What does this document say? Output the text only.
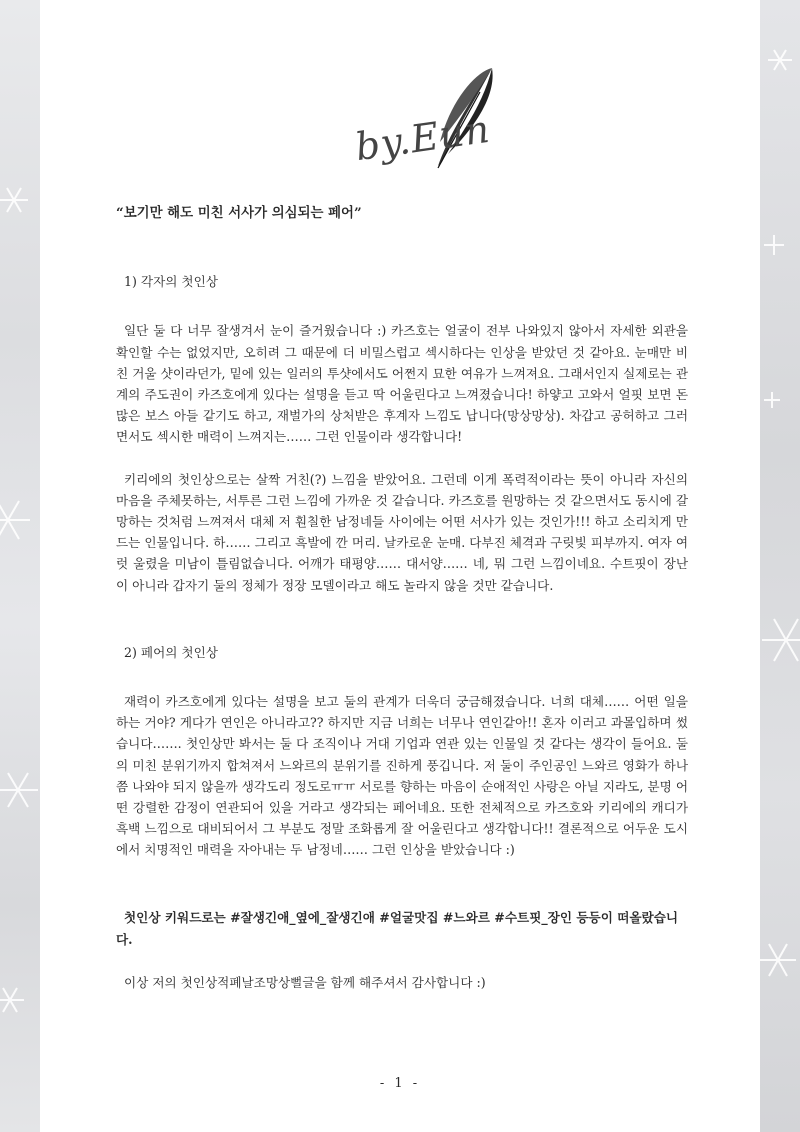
by.Eun
“보기만 해도 미친 서사가 의심되는 페어”
1) 각자의 첫인상

일단 둘 다 너무 잘생겨서 눈이 즐거웠습니다 :) 카즈호는 얼굴이 전부 나와있지 않아서 자세한 외관을 확인할 수는 없었지만, 오히려 그 때문에 더 비밀스럽고 섹시하다는 인상을 받았던 것 같아요. 눈매만 비친 거울 샷이라던가, 밑에 있는 일러의 투샷에서도 어쩐지 묘한 여유가 느껴져요. 그래서인지 실제로는 관계의 주도권이 카즈호에게 있다는 설명을 듣고 딱 어울린다고 느껴졌습니다! 하얗고 고와서 얼핏 보면 돈 많은 보스 아들 같기도 하고, 재벌가의 상처받은 후계자 느낌도 납니다(망상망상). 차갑고 공허하고 그러면서도 섹시한 매력이 느껴지는…… 그런 인물이라 생각합니다!

키리에의 첫인상으로는 살짝 거친(?) 느낌을 받았어요. 그런데 이게 폭력적이라는 뜻이 아니라 자신의 마음을 주체못하는, 서투른 그런 느낌에 가까운 것 같습니다. 카즈호를 원망하는 것 같으면서도 동시에 갈망하는 것처럼 느껴져서 대체 저 훤칠한 남정네들 사이에는 어떤 서사가 있는 것인가!!! 하고 소리치게 만드는 인물입니다. 하…… 그리고 흑발에 깐 머리. 날카로운 눈매. 다부진 체격과 구릿빛 피부까지. 여자 여럿 울렸을 미남이 틀림없습니다. 어깨가 태평양…… 대서양…… 네, 뭐 그런 느낌이네요. 수트핏이 장난이 아니라 갑자기 둘의 정체가 정장 모델이라고 해도 놀라지 않을 것만 같습니다.

2) 페어의 첫인상

재력이 카즈호에게 있다는 설명을 보고 둘의 관계가 더욱더 궁금해졌습니다. 너희 대체…… 어떤 일을 하는 거야? 게다가 연인은 아니라고?? 하지만 지금 너희는 너무나 연인같아!! 혼자 이러고 과몰입하며 썼습니다……. 첫인상만 봐서는 둘 다 조직이나 거대 기업과 연관 있는 인물일 것 같다는 생각이 들어요. 둘의 미친 분위기까지 합쳐져서 느와르의 분위기를 진하게 풍깁니다. 저 둘이 주인공인 느와르 영화가 하나쯤 나와야 되지 않을까 생각도리 정도로ㅠㅠ 서로를 향하는 마음이 순애적인 사랑은 아닐 지라도, 분명 어떤 강렬한 감정이 연관되어 있을 거라고 생각되는 페어네요. 또한 전체적으로 카즈호와 키리에의 캐디가 흑백 느낌으로 대비되어서 그 부분도 정말 조화롭게 잘 어울린다고 생각합니다!! 결론적으로 어두운 도시에서 치명적인 매력을 자아내는 두 남정네…… 그런 인상을 받았습니다 :)

첫인상 키워드로는 #잘생긴애_옆에_잘생긴애 #얼굴맛집 #느와르 #수트핏_장인 등등이 떠올랐습니다.

이상 저의 첫인상적폐날조망상뻘글을 함께 해주셔서 감사합니다 :)

- 1 -
